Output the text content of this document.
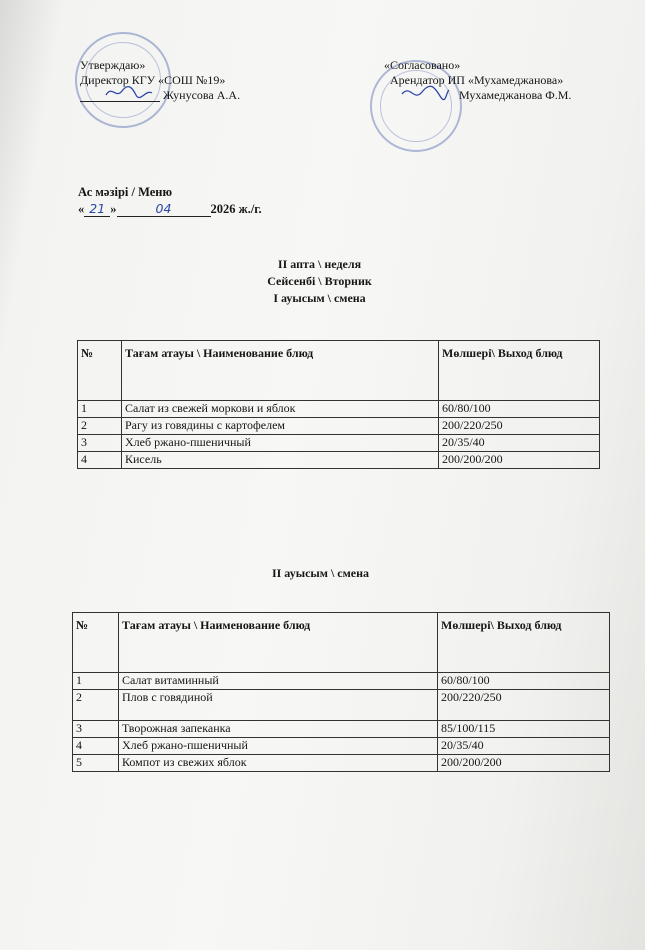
Утверждаю»
Директор КГУ «СОШ №19»
Жунусова А.А.
«Согласовано»
Арендатор ИП «Мухамеджанова»
Мухамеджанова Ф.М.
Ас мәзірі / Меню
« 21 »	04	2026 ж./г.
II апта \ неделя
Сейсенбі \ Вторник
І ауысым \ смена
№	Тағам атауы \ Наименование блюд	Мөлшері\ Выход блюд
1	Салат из свежей моркови и яблок	60/80/100
2	Рагу из говядины с картофелем	200/220/250
3	Хлеб ржано-пшеничный	20/35/40
4	Кисель	200/200/200
ІІ ауысым \ смена
№	Тағам атауы \ Наименование блюд	Мөлшері\ Выход блюд
1	Салат витаминный	60/80/100
2	Плов с говядиной	200/220/250
3	Творожная запеканка	85/100/115
4	Хлеб ржано-пшеничный	20/35/40
5	Компот из свежих яблок	200/200/200
